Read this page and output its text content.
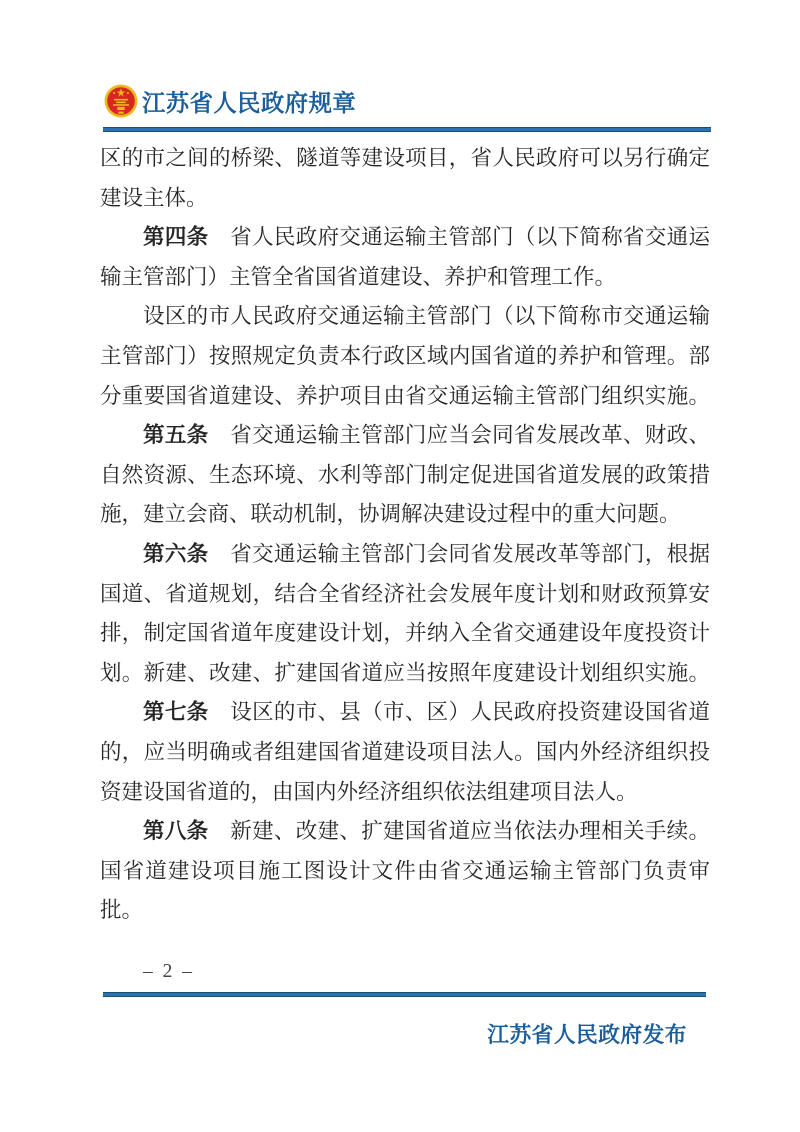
江苏省人民政府规章
区的市之间的桥梁、隧道等建设项目，省人民政府可以另行确定
建设主体。
第四条　省人民政府交通运输主管部门（以下简称省交通运
输主管部门）主管全省国省道建设、养护和管理工作。
设区的市人民政府交通运输主管部门（以下简称市交通运输
主管部门）按照规定负责本行政区域内国省道的养护和管理。部
分重要国省道建设、养护项目由省交通运输主管部门组织实施。
第五条　省交通运输主管部门应当会同省发展改革、财政、
自然资源、生态环境、水利等部门制定促进国省道发展的政策措
施，建立会商、联动机制，协调解决建设过程中的重大问题。
第六条　省交通运输主管部门会同省发展改革等部门，根据
国道、省道规划，结合全省经济社会发展年度计划和财政预算安
排，制定国省道年度建设计划，并纳入全省交通建设年度投资计
划。新建、改建、扩建国省道应当按照年度建设计划组织实施。
第七条　设区的市、县（市、区）人民政府投资建设国省道
的，应当明确或者组建国省道建设项目法人。国内外经济组织投
资建设国省道的，由国内外经济组织依法组建项目法人。
第八条　新建、改建、扩建国省道应当依法办理相关手续。
国省道建设项目施工图设计文件由省交通运输主管部门负责审
批。
– 2 –
江苏省人民政府发布
